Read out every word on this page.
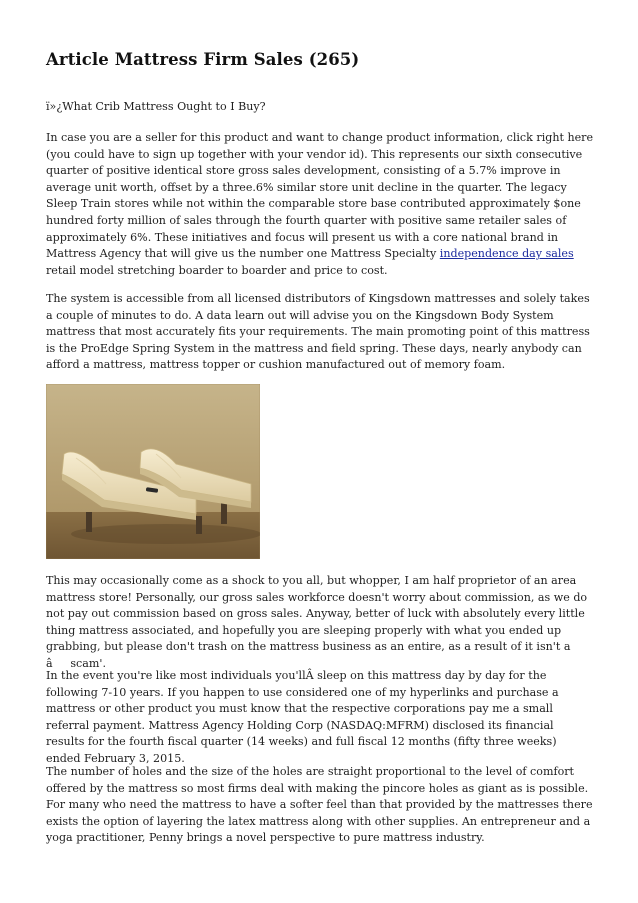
Article Mattress Firm Sales (265)

ï»¿What Crib Mattress Ought to I Buy?

In case you are a seller for this product and want to change product information, click right here (you could have to sign up together with your vendor id). This represents our sixth consecutive quarter of positive identical store gross sales development, consisting of a 5.7% improve in average unit worth, offset by a three.6% similar store unit decline in the quarter. The legacy Sleep Train stores while not within the comparable store base contributed approximately $one hundred forty million of sales through the fourth quarter with positive same retailer sales of approximately 6%. These initiatives and focus will present us with a core national brand in Mattress Agency that will give us the number one Mattress Specialty independence day sales retail model stretching boarder to boarder and price to cost.

The system is accessible from all licensed distributors of Kingsdown mattresses and solely takes a couple of minutes to do. A data learn out will advise you on the Kingsdown Body System mattress that most accurately fits your requirements. The main promoting point of this mattress is the ProEdge Spring System in the mattress and field spring. These days, nearly anybody can afford a mattress, mattress topper or cushion manufactured out of memory foam.

This may occasionally come as a shock to you all, but whopper, I am half proprietor of an area mattress store! Personally, our gross sales workforce doesn't worry about commission, as we do not pay out commission based on gross sales. Anyway, better of luck with absolutely every little thing mattress associated, and hopefully you are sleeping properly with what you ended up grabbing, but please don't trash on the mattress business as an entire, as a result of it isn't a âscam'.

In the event you're like most individuals you'llÂ sleep on this mattress day by day for the following 7-10 years. If you happen to use considered one of my hyperlinks and purchase a mattress or other product you must know that the respective corporations pay me a small referral payment. Mattress Agency Holding Corp (NASDAQ:MFRM) disclosed its financial results for the fourth fiscal quarter (14 weeks) and full fiscal 12 months (fifty three weeks) ended February 3, 2015.

The number of holes and the size of the holes are straight proportional to the level of comfort offered by the mattress so most firms deal with making the pincore holes as giant as is possible. For many who need the mattress to have a softer feel than that provided by the mattresses there exists the option of layering the latex mattress along with other supplies. An entrepreneur and a yoga practitioner, Penny brings a novel perspective to pure mattress industry.
